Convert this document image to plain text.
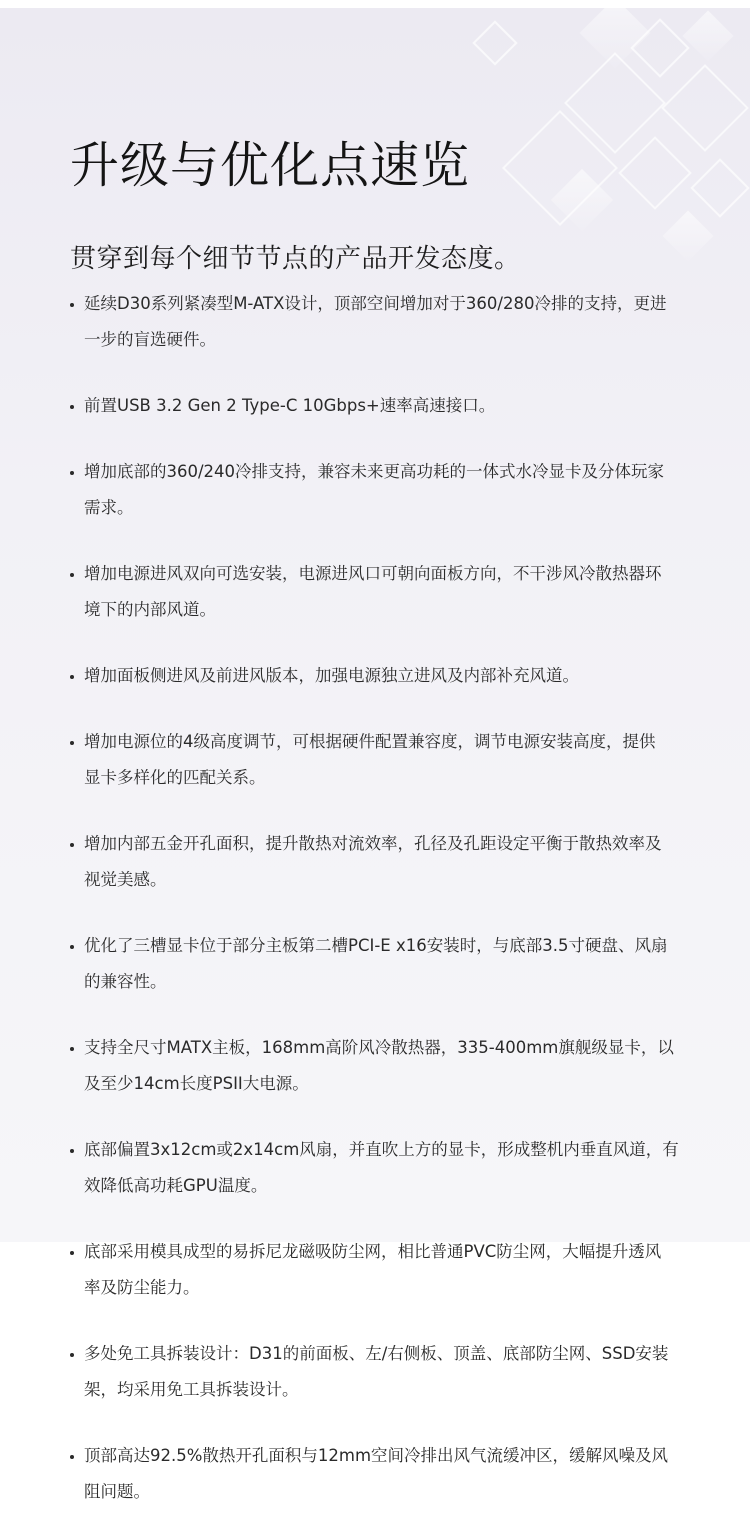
升级与优化点速览
贯穿到每个细节节点的产品开发态度。
延续D30系列紧凑型M-ATX设计，顶部空间增加对于360/280冷排的支持，更进
一步的盲选硬件。
前置USB 3.2 Gen 2 Type-C 10Gbps+速率高速接口。
增加底部的360/240冷排支持，兼容未来更高功耗的一体式水冷显卡及分体玩家
需求。
增加电源进风双向可选安装，电源进风口可朝向面板方向，不干涉风冷散热器环
境下的内部风道。
增加面板侧进风及前进风版本，加强电源独立进风及内部补充风道。
增加电源位的4级高度调节，可根据硬件配置兼容度，调节电源安装高度，提供
显卡多样化的匹配关系。
增加内部五金开孔面积，提升散热对流效率，孔径及孔距设定平衡于散热效率及
视觉美感。
优化了三槽显卡位于部分主板第二槽PCI-E x16安装时，与底部3.5寸硬盘、风扇
的兼容性。
支持全尺寸MATX主板，168mm高阶风冷散热器，335-400mm旗舰级显卡，以
及至少14cm长度PSII大电源。
底部偏置3x12cm或2x14cm风扇，并直吹上方的显卡，形成整机内垂直风道，有
效降低高功耗GPU温度。
底部采用模具成型的易拆尼龙磁吸防尘网，相比普通PVC防尘网，大幅提升透风
率及防尘能力。
多处免工具拆装设计：D31的前面板、左/右侧板、顶盖、底部防尘网、SSD安装
架，均采用免工具拆装设计。
顶部高达92.5%散热开孔面积与12mm空间冷排出风气流缓冲区，缓解风噪及风
阻问题。
